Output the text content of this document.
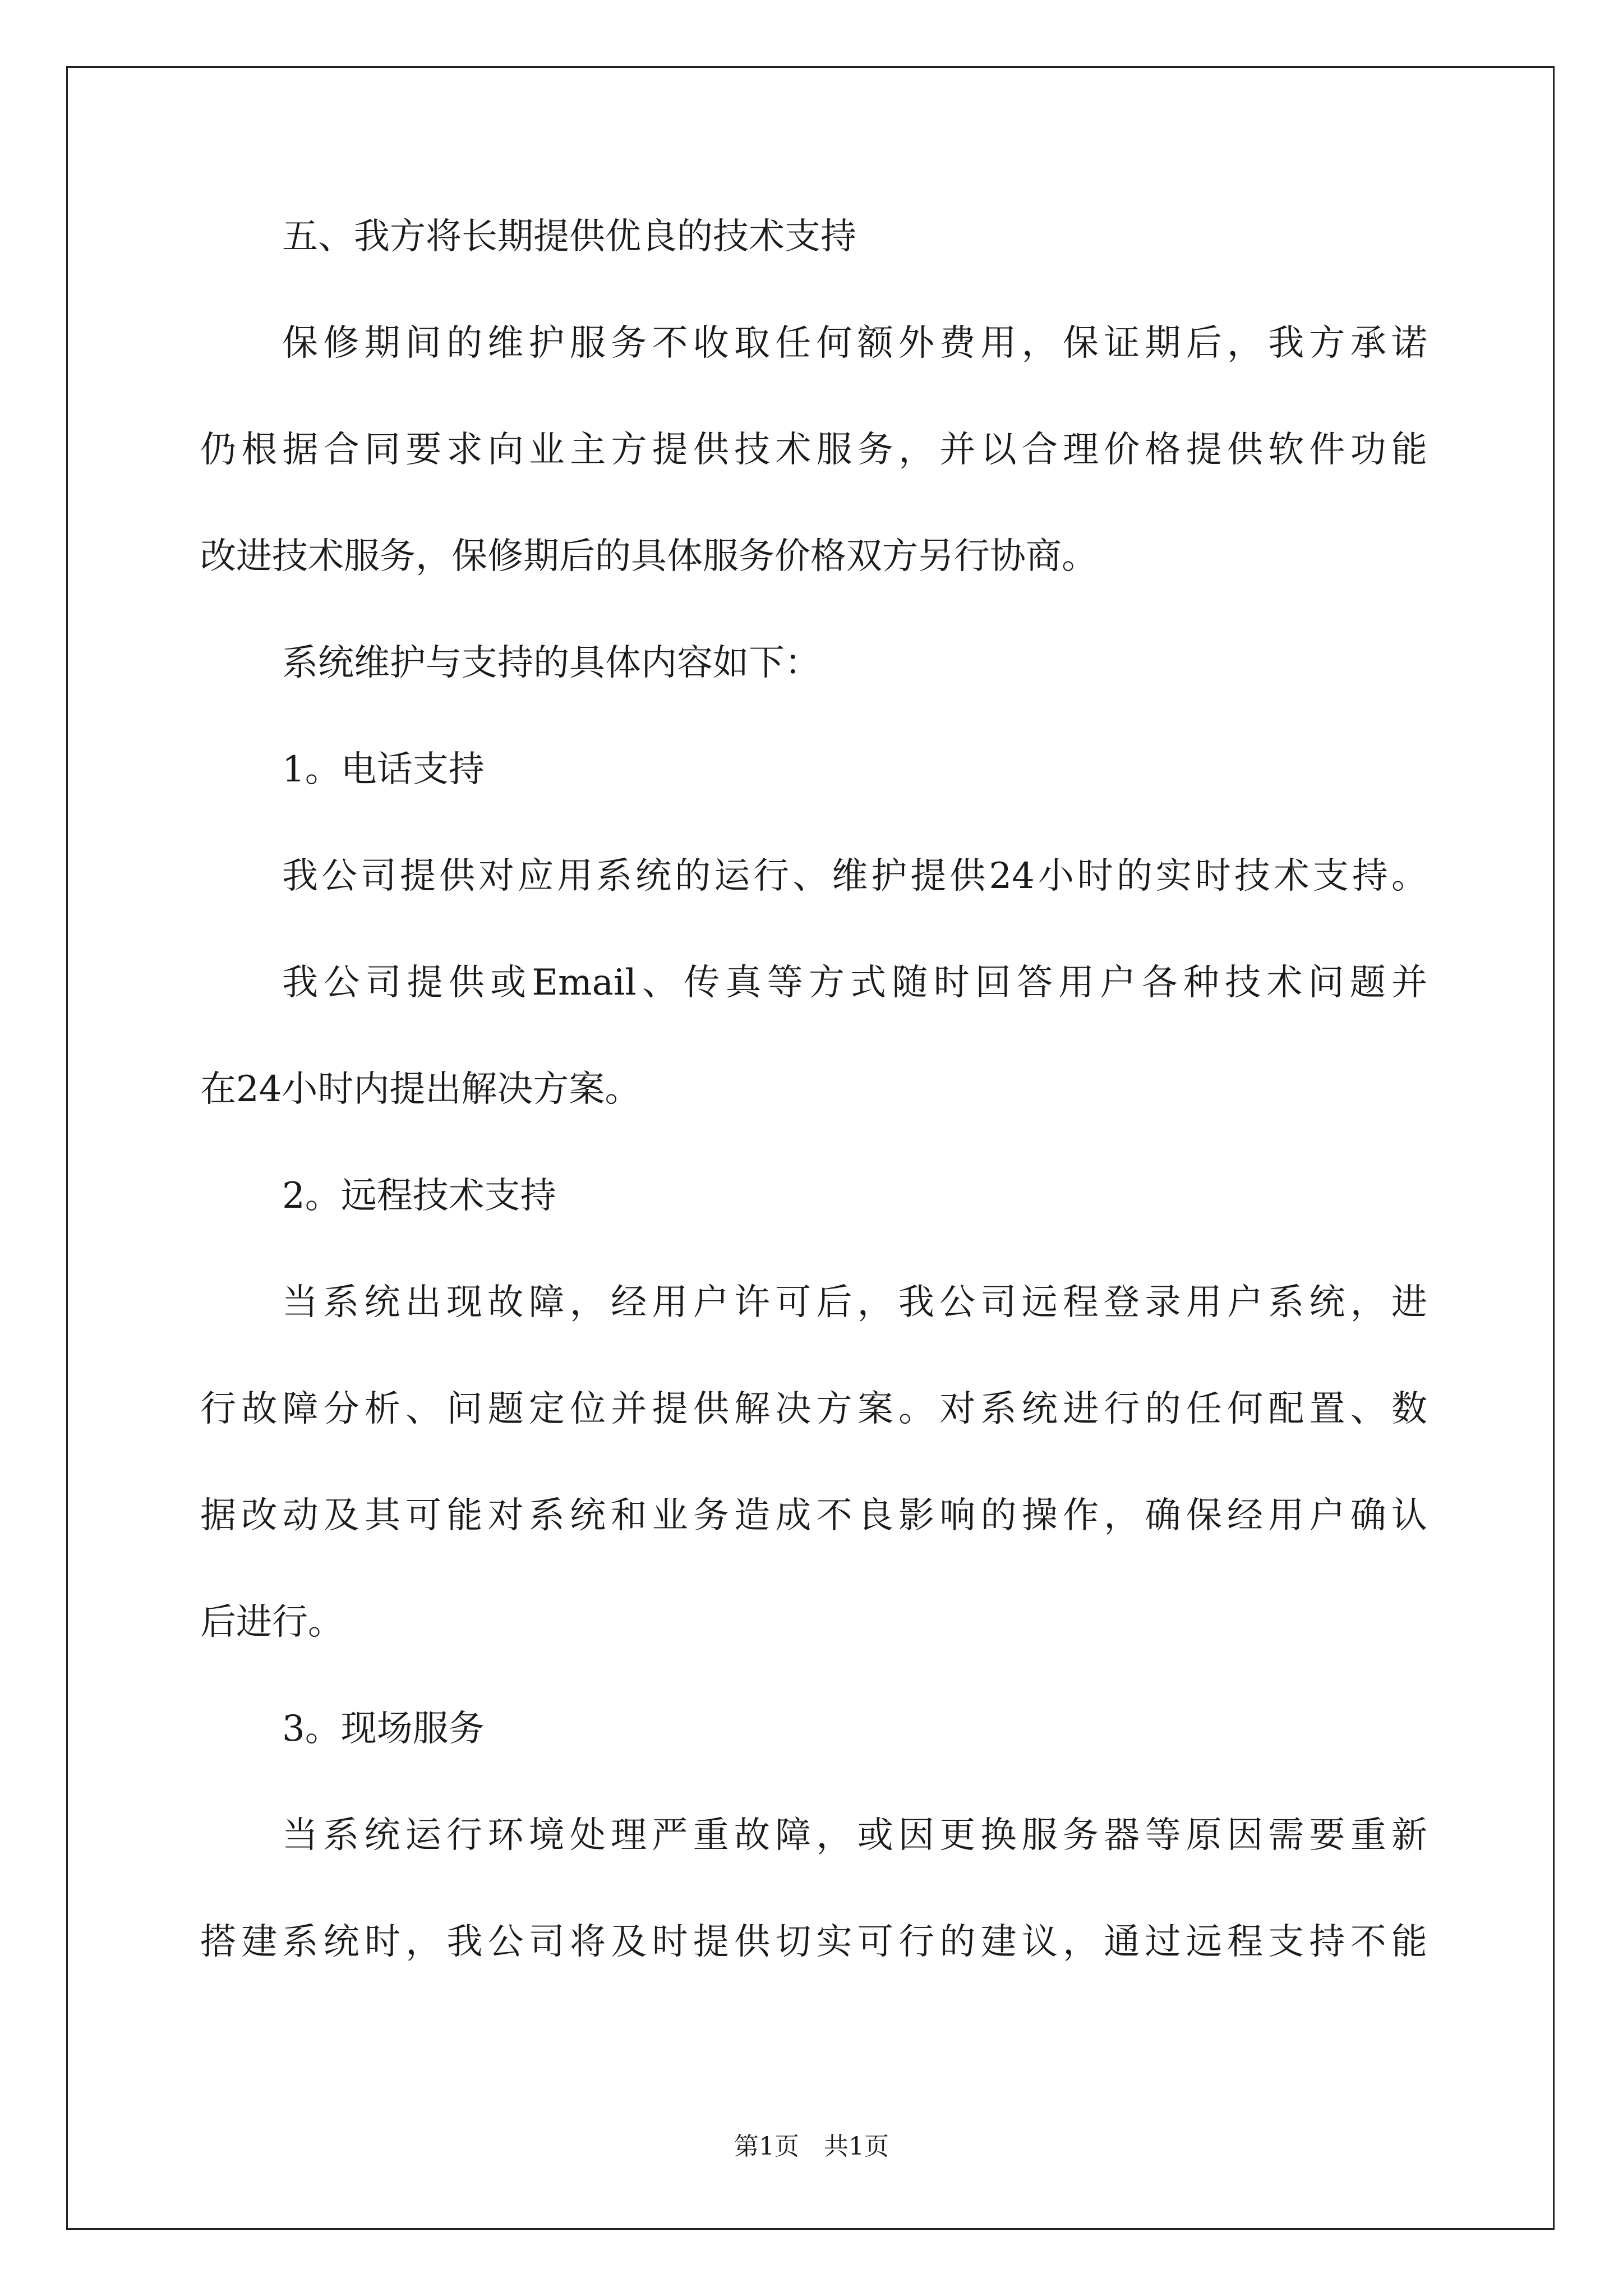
五、我方将长期提供优良的技术支持
保修期间的维护服务不收取任何额外费用，保证期后，我方承诺
仍根据合同要求向业主方提供技术服务，并以合理价格提供软件功能
改进技术服务，保修期后的具体服务价格双方另行协商。
系统维护与支持的具体内容如下：
1。电话支持
我公司提供对应用系统的运行、维护提供24小时的实时技术支持。
我公司提供或Email、传真等方式随时回答用户各种技术问题并
在24小时内提出解决方案。
2。远程技术支持
当系统出现故障，经用户许可后，我公司远程登录用户系统，进
行故障分析、问题定位并提供解决方案。对系统进行的任何配置、数
据改动及其可能对系统和业务造成不良影响的操作，确保经用户确认
后进行。
3。现场服务
当系统运行环境处理严重故障，或因更换服务器等原因需要重新
搭建系统时，我公司将及时提供切实可行的建议，通过远程支持不能
第1页　共1页
